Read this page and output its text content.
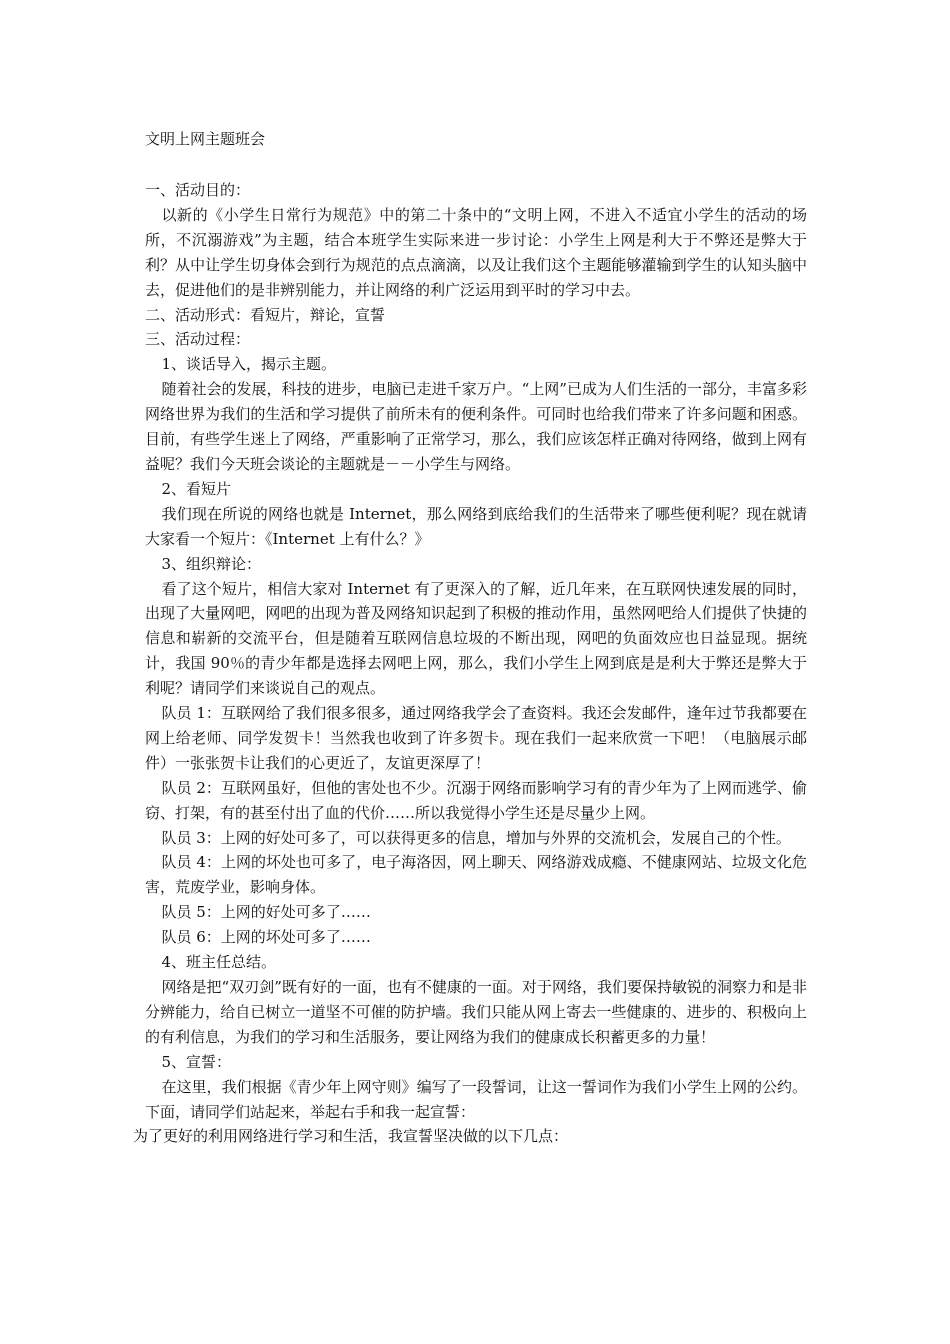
文明上网主题班会

一、活动目的：

以新的《小学生日常行为规范》中的第二十条中的“文明上网，不进入不适宜小学生的活动的场所，不沉溺游戏”为主题，结合本班学生实际来进一步讨论：小学生上网是利大于不弊还是弊大于利？从中让学生切身体会到行为规范的点点滴滴，以及让我们这个主题能够灌输到学生的认知头脑中去，促进他们的是非辨别能力，并让网络的利广泛运用到平时的学习中去。

二、活动形式：看短片，辩论，宣誓

三、活动过程：

1、谈话导入，揭示主题。

随着社会的发展，科技的进步，电脑已走进千家万户。“上网”已成为人们生活的一部分，丰富多彩网络世界为我们的生活和学习提供了前所未有的便利条件。可同时也给我们带来了许多问题和困惑。目前，有些学生迷上了网络，严重影响了正常学习，那么，我们应该怎样正确对待网络，做到上网有益呢？我们今天班会谈论的主题就是－－小学生与网络。

2、看短片

我们现在所说的网络也就是 Internet，那么网络到底给我们的生活带来了哪些便利呢？现在就请大家看一个短片：《Internet 上有什么？》

3、组织辩论：

看了这个短片，相信大家对 Internet 有了更深入的了解，近几年来，在互联网快速发展的同时，出现了大量网吧，网吧的出现为普及网络知识起到了积极的推动作用，虽然网吧给人们提供了快捷的信息和崭新的交流平台，但是随着互联网信息垃圾的不断出现，网吧的负面效应也日益显现。据统计，我国 90％的青少年都是选择去网吧上网，那么，我们小学生上网到底是是利大于弊还是弊大于利呢？请同学们来谈说自己的观点。

队员 1：互联网给了我们很多很多，通过网络我学会了查资料。我还会发邮件，逢年过节我都要在网上给老师、同学发贺卡！当然我也收到了许多贺卡。现在我们一起来欣赏一下吧！（电脑展示邮件）一张张贺卡让我们的心更近了，友谊更深厚了！

队员 2：互联网虽好，但他的害处也不少。沉溺于网络而影响学习有的青少年为了上网而逃学、偷窃、打架，有的甚至付出了血的代价……所以我觉得小学生还是尽量少上网。

队员 3：上网的好处可多了，可以获得更多的信息，增加与外界的交流机会，发展自己的个性。

队员 4：上网的坏处也可多了，电子海洛因，网上聊天、网络游戏成瘾、不健康网站、垃圾文化危害，荒废学业，影响身体。

队员 5：上网的好处可多了……

队员 6：上网的坏处可多了……

4、班主任总结。

网络是把“双刃剑”既有好的一面，也有不健康的一面。对于网络，我们要保持敏锐的洞察力和是非分辨能力，给自已树立一道坚不可催的防护墙。我们只能从网上寄去一些健康的、进步的、积极向上的有利信息，为我们的学习和生活服务，要让网络为我们的健康成长积蓄更多的力量！

5、宣誓：

在这里，我们根据《青少年上网守则》编写了一段誓词，让这一誓词作为我们小学生上网的公约。下面，请同学们站起来，举起右手和我一起宣誓：

为了更好的利用网络进行学习和生活，我宣誓坚决做的以下几点：
